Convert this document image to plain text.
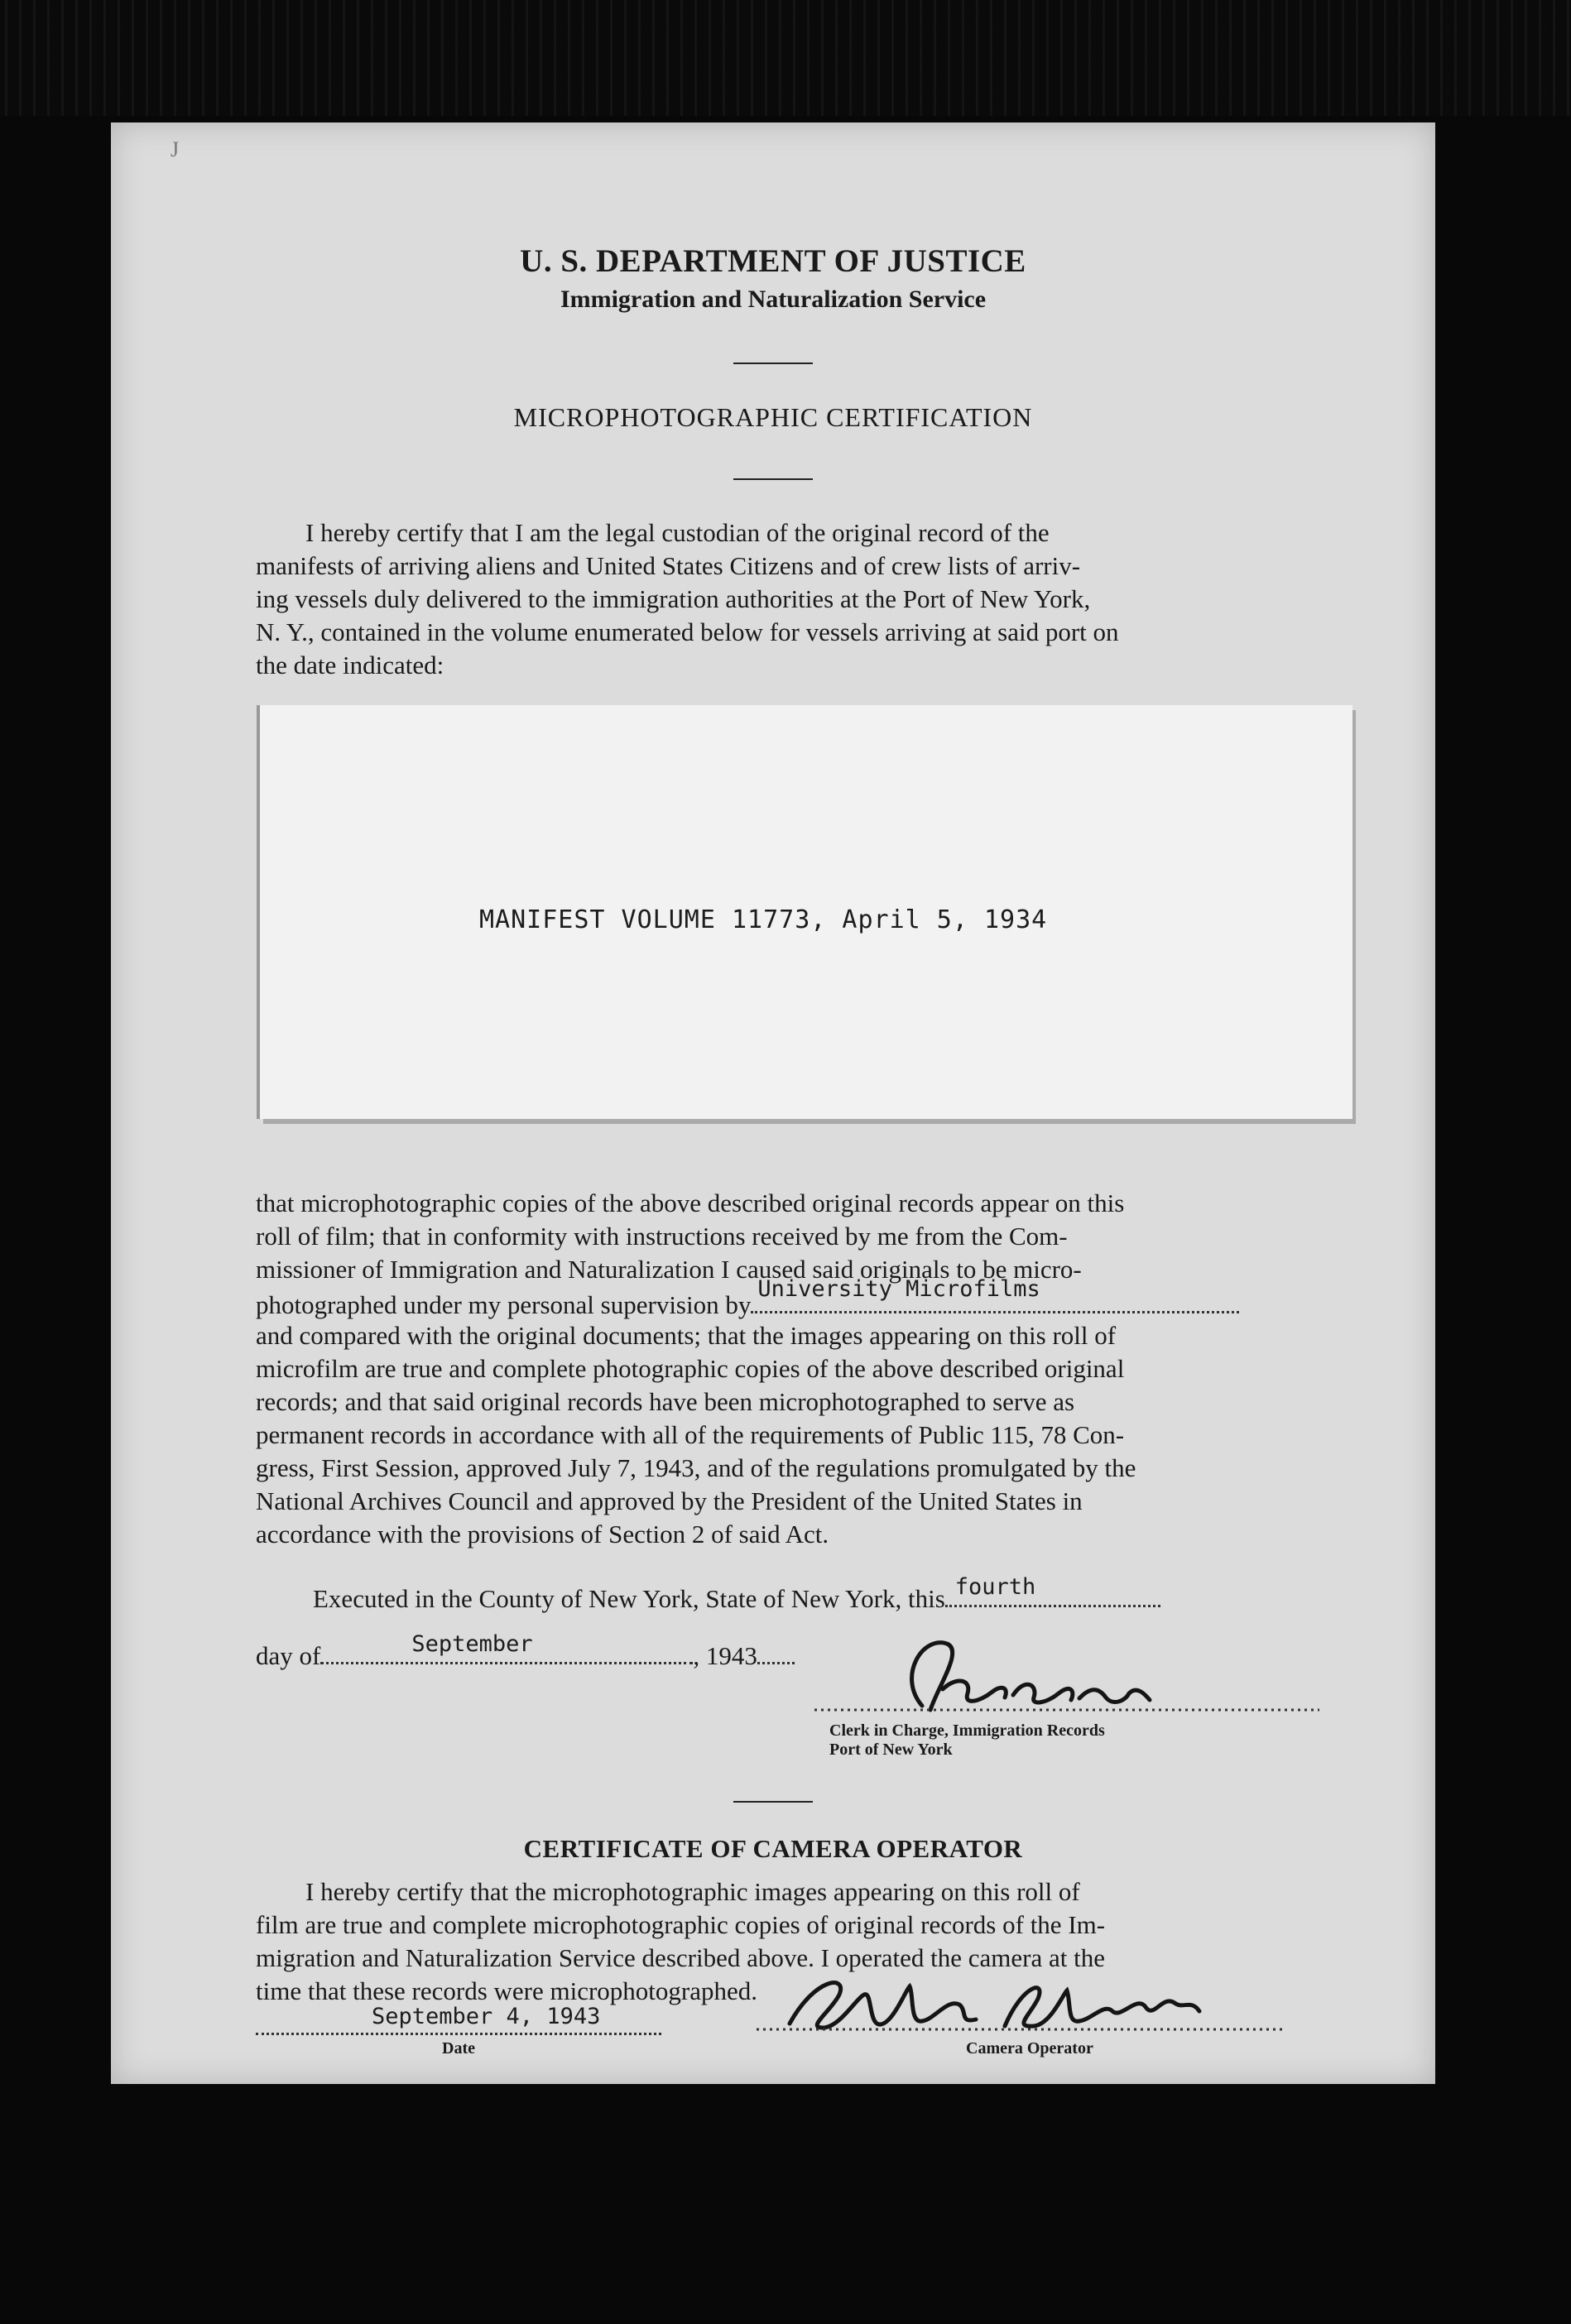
J
U. S. DEPARTMENT OF JUSTICE
Immigration and Naturalization Service
MICROPHOTOGRAPHIC CERTIFICATION

I hereby certify that I am the legal custodian of the original record of the

manifests of arriving aliens and United States Citizens and of crew lists of arriv-

ing vessels duly delivered to the immigration authorities at the Port of New York,

N. Y., contained in the volume enumerated below for vessels arriving at said port on

the date indicated:

MANIFEST VOLUME 11773, April 5, 1934

that microphotographic copies of the above described original records appear on this

roll of film; that in conformity with instructions received by me from the Com-

missioner of Immigration and Naturalization I caused said originals to be micro-

photographed under my personal supervision by
University Microfilms

and compared with the original documents; that the images appearing on this roll of

microfilm are true and complete photographic copies of the above described original

records; and that said original records have been microphotographed to serve as

permanent records in accordance with all of the requirements of Public 115, 78 Con-

gress, First Session, approved July 7, 1943, and of the regulations promulgated by the

National Archives Council and approved by the President of the United States in

accordance with the provisions of Section 2 of said Act.

Executed in the County of New York, State of New York, this fourth
day of	September	, 1943
Clerk in Charge, Immigration Records
Port of New York
CERTIFICATE OF CAMERA OPERATOR

I hereby certify that the microphotographic images appearing on this roll of

film are true and complete microphotographic copies of original records of the Im-

migration and Naturalization Service described above. I operated the camera at the

time that these records were microphotographed.

September 4, 1943
Date	Camera Operator
